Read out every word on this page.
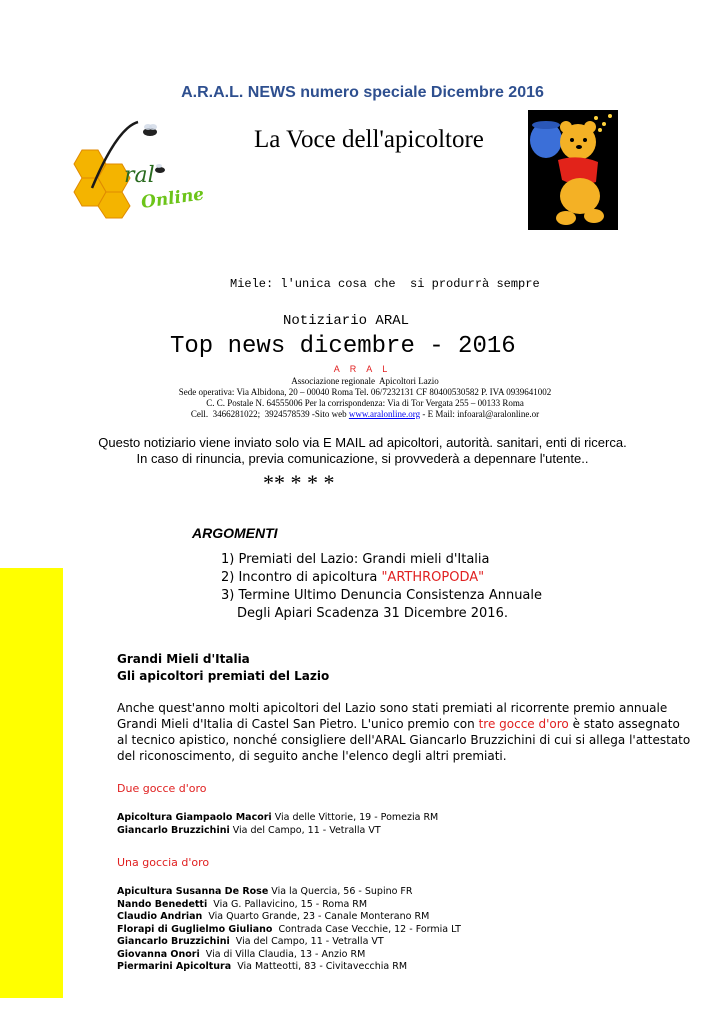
A.R.A.L. NEWS numero speciale Dicembre 2016
La Voce dell'apicoltore
ral
Online
Miele: l'unica cosa che  si produrrà sempre
Notiziario ARAL
Top news dicembre - 2016
A R A L
Associazione regionale  Apicoltori Lazio
Sede operativa: Via Albidona, 20 – 00040 Roma Tel. 06/7232131 CF 80400530582 P. IVA 0939641002
C. C. Postale N. 64555006 Per la corrispondenza: Via di Tor Vergata 255 – 00133 Roma
Cell.  3466281022;  3924578539 -Sito web www.aralonline.org - E Mail: infoaral@aralonline.or
Questo notiziario viene inviato solo via E MAIL ad apicoltori, autorità. sanitari, enti di ricerca.
In caso di rinuncia, previa comunicazione, si provvederà a depennare l'utente..
** * * *
ARGOMENTI
1) Premiati del Lazio: Grandi mieli d'Italia
2) Incontro di apicoltura "ARTHROPODA"
3) Termine Ultimo Denuncia Consistenza Annuale
Degli Apiari Scadenza 31 Dicembre 2016.
Grandi Mieli d'Italia
Gli apicoltori premiati del Lazio
Anche quest'anno molti apicoltori del Lazio sono stati premiati al ricorrente premio annuale Grandi Mieli d'Italia di Castel San Pietro. L'unico premio con tre gocce d'oro è stato assegnato al tecnico apistico, nonché consigliere dell'ARAL Giancarlo Bruzzichini di cui si allega l'attestato del riconoscimento, di seguito anche l'elenco degli altri premiati.
Due gocce d'oro
Apicoltura Giampaolo Macori Via delle Vittorie, 19 - Pomezia RM
Giancarlo Bruzzichini Via del Campo, 11 - Vetralla VT
Una goccia d'oro
Apicultura Susanna De Rose Via la Quercia, 56 - Supino FR
Nando Benedetti  Via G. Pallavicino, 15 - Roma RM
Claudio Andrian  Via Quarto Grande, 23 - Canale Monterano RM
Florapi di Guglielmo Giuliano  Contrada Case Vecchie, 12 - Formia LT
Giancarlo Bruzzichini  Via del Campo, 11 - Vetralla VT
Giovanna Onori  Via di Villa Claudia, 13 - Anzio RM
Piermarini Apicoltura  Via Matteotti, 83 - Civitavecchia RM
